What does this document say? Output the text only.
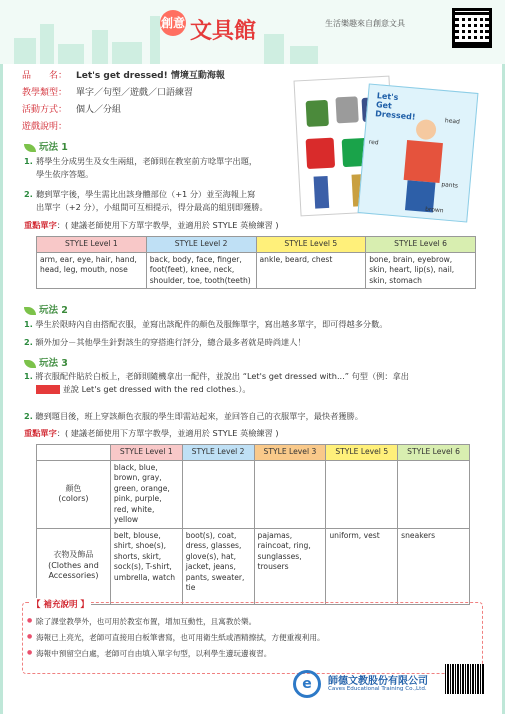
創意 文具館	生活樂趣來自創意文具
品　　名： Let's get dressed! 情境互動海報
教學類型： 單字／句型／遊戲／口語練習
活動方式： 個人／分組
遊戲說明：
Let's Get Dressed!	head
red
pants
brown
玩法 1
1. 將學生分成男生及女生兩組，老師則在教室前方唸單字出題，
學生依序答題。
2. 聽到單字後，學生需比出該身體部位（+1 分）並至海報上寫
出單字（+2 分），小組間可互相提示，得分最高的組別即獲勝。
重點單字：( 建議老師使用下方單字教學，並適用於 STYLE 英檢練習 )
STYLE Level 1	STYLE Level 2	STYLE Level 5	STYLE Level 6
arm, ear, eye, hair, hand, head, leg, mouth, nose	back, body, face, finger, foot(feet), knee, neck, shoulder, toe, tooth(teeth)	ankle, beard, chest	bone, brain, eyebrow, skin, heart, lip(s), nail, skin, stomach
玩法 2
1. 學生於限時內自由搭配衣服，並寫出該配件的顏色及服飾單字，寫出越多單字，即可得越多分數。
2. 額外加分－其他學生針對該生的穿搭進行評分，總合最多者就是時尚達人！
玩法 3
1. 將衣服配件貼於白板上，老師則隨機拿出一配件，並說出 “Let's get dressed with...” 句型（例：拿出
並說 Let's get dressed with the red clothes.）。
2. 聽到題目後，班上穿該顏色衣服的學生即需站起來，並回答自己的衣服單字，最快者獲勝。
重點單字：( 建議老師使用下方單字教學，並適用於 STYLE 英檢練習 )
	STYLE Level 1	STYLE Level 2	STYLE Level 3	STYLE Level 5	STYLE Level 6
顏色
(colors)	black, blue, brown, gray, green, orange, pink, purple, red, white, yellow				
衣物及飾品
(Clothes and Accessories)	belt, blouse, shirt, shoe(s), shorts, skirt, sock(s), T-shirt, umbrella, watch	boot(s), coat, dress, glasses, glove(s), hat, jacket, jeans, pants, sweater, tie	pajamas, raincoat, ring, sunglasses, trousers	uniform, vest	sneakers
【 補充說明 】
● 除了課堂教學外，也可用於教室布置，增加互動性，且寓教於樂。
● 海報已上亮光，老師可直接用白板筆書寫，也可用衛生紙或酒精擦拭，方便重複利用。
● 海報中預留空白處，老師可自由填入單字句型，以利學生邊玩邊複習。
e	師德文教股份有限公司
Caves Educational Training Co.,Ltd.
